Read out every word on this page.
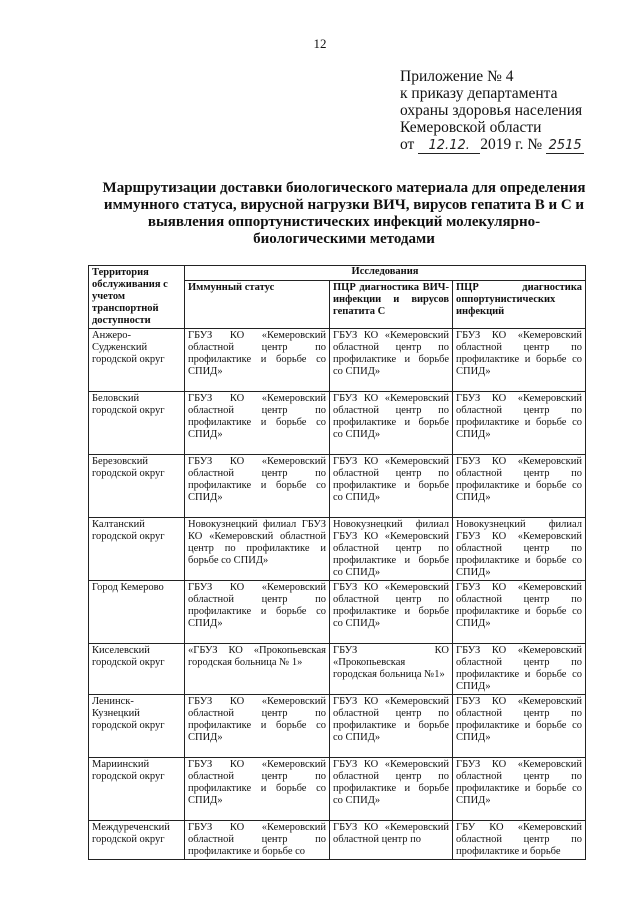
12
Приложение № 4
к приказу департамента
охраны здоровья населения
Кемеровской области
от 12.12. 2019 г. № 2515
Маршрутизации доставки биологического материала для определения
иммунного статуса, вирусной нагрузки ВИЧ, вирусов гепатита В и С и
выявления оппортунистических инфекций молекулярно-
биологическими методами
Территория обслуживания с учетом транспортной доступности	Исследования		
	Иммунный статус	ПЦР диагностика ВИЧ-инфекции и вирусов гепатита С	ПЦР диагностика оппортунистических инфекций
Анжеро-Судженский городской округ	ГБУЗ КО «Кемеровский областной центр по профилактике и борьбе со СПИД»	ГБУЗ КО «Кемеровский областной центр по профилактике и борьбе со СПИД»	ГБУЗ КО «Кемеровский областной центр по профилактике и борьбе со СПИД»
Беловский городской округ	ГБУЗ КО «Кемеровский областной центр по профилактике и борьбе со СПИД»	ГБУЗ КО «Кемеровский областной центр по профилактике и борьбе со СПИД»	ГБУЗ КО «Кемеровский областной центр по профилактике и борьбе со СПИД»
Березовский городской округ	ГБУЗ КО «Кемеровский областной центр по профилактике и борьбе со СПИД»	ГБУЗ КО «Кемеровский областной центр по профилактике и борьбе со СПИД»	ГБУЗ КО «Кемеровский областной центр по профилактике и борьбе со СПИД»
Калтанский городской округ	Новокузнецкий филиал ГБУЗ КО «Кемеровский областной центр по профилактике и борьбе со СПИД»	Новокузнецкий филиал ГБУЗ КО «Кемеровский областной центр по профилактике и борьбе со СПИД»	Новокузнецкий филиал ГБУЗ КО «Кемеровский областной центр по профилактике и борьбе со СПИД»
Город Кемерово	ГБУЗ КО «Кемеровский областной центр по профилактике и борьбе со СПИД»	ГБУЗ КО «Кемеровский областной центр по профилактике и борьбе со СПИД»	ГБУЗ КО «Кемеровский областной центр по профилактике и борьбе со СПИД»
Киселевский городской округ	«ГБУЗ КО «Прокопьевская городская больница № 1»	ГБУЗ КО «Прокопьевская городская больница №1»	ГБУЗ КО «Кемеровский областной центр по профилактике и борьбе со СПИД»
Ленинск-Кузнецкий городской округ	ГБУЗ КО «Кемеровский областной центр по профилактике и борьбе со СПИД»	ГБУЗ КО «Кемеровский областной центр по профилактике и борьбе со СПИД»	ГБУЗ КО «Кемеровский областной центр по профилактике и борьбе со СПИД»
Мариинский городской округ	ГБУЗ КО «Кемеровский областной центр по профилактике и борьбе со СПИД»	ГБУЗ КО «Кемеровский областной центр по профилактике и борьбе со СПИД»	ГБУЗ КО «Кемеровский областной центр по профилактике и борьбе со СПИД»
Междуреченский городской округ	ГБУЗ КО «Кемеровский областной центр по профилактике и борьбе со	ГБУЗ КО «Кемеровский областной центр по	ГБУ КО «Кемеровский областной центр по профилактике и борьбе
